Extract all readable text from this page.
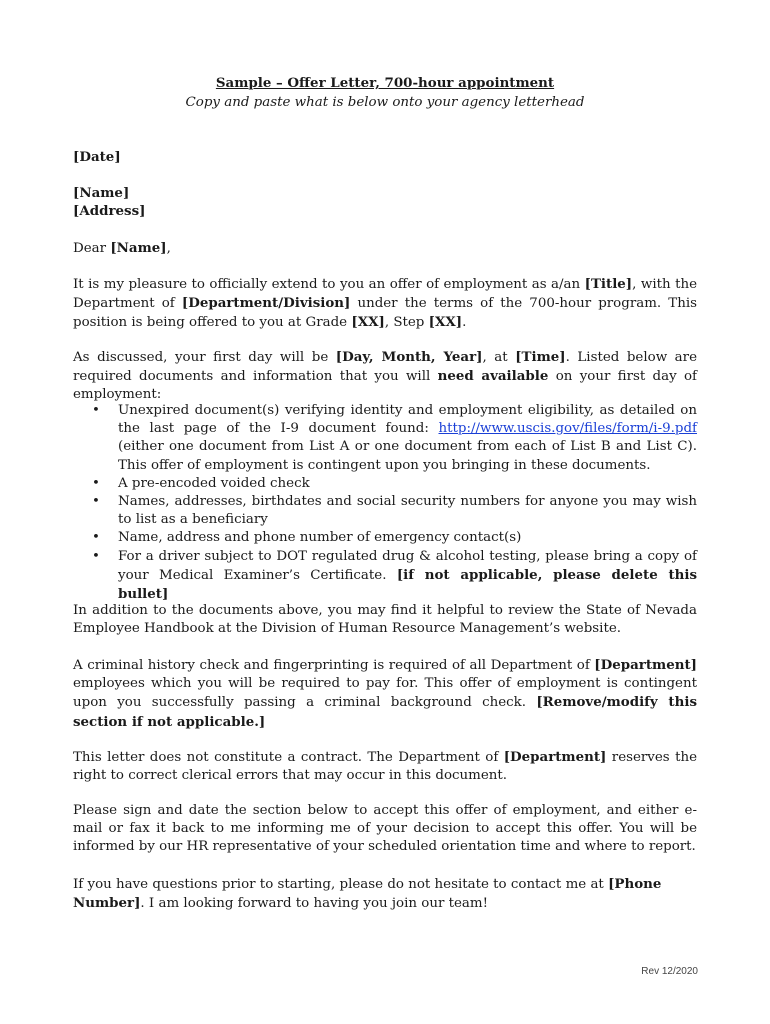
Sample – Offer Letter, 700-hour appointment

Copy and paste what is below onto your agency letterhead

[Date]

[Name]
[Address]

Dear [Name],

It is my pleasure to officially extend to you an offer of employment as a/an [Title], with the Department of [Department/Division] under the terms of the 700-hour program. This position is being offered to you at Grade [XX], Step [XX].

As discussed, your first day will be [Day, Month, Year], at [Time]. Listed below are required documents and information that you will need available on your first day of employment:

• Unexpired document(s) verifying identity and employment eligibility, as detailed on the last page of the I-9 document found: http://www.uscis.gov/files/form/i-9.pdf (either one document from List A or one document from each of List B and List C). This offer of employment is contingent upon you bringing in these documents.
• A pre-encoded voided check
• Names, addresses, birthdates and social security numbers for anyone you may wish to list as a beneficiary
• Name, address and phone number of emergency contact(s)
• For a driver subject to DOT regulated drug & alcohol testing, please bring a copy of your Medical Examiner’s Certificate. [if not applicable, please delete this bullet]

In addition to the documents above, you may find it helpful to review the State of Nevada Employee Handbook at the Division of Human Resource Management’s website.

A criminal history check and fingerprinting is required of all Department of [Department] employees which you will be required to pay for. This offer of employment is contingent upon you successfully passing a criminal background check. [Remove/modify this section if not applicable.]

This letter does not constitute a contract. The Department of [Department] reserves the right to correct clerical errors that may occur in this document.

Please sign and date the section below to accept this offer of employment, and either e-mail or fax it back to me informing me of your decision to accept this offer. You will be informed by our HR representative of your scheduled orientation time and where to report.

If you have questions prior to starting, please do not hesitate to contact me at [Phone Number]. I am looking forward to having you join our team!

Rev 12/2020
